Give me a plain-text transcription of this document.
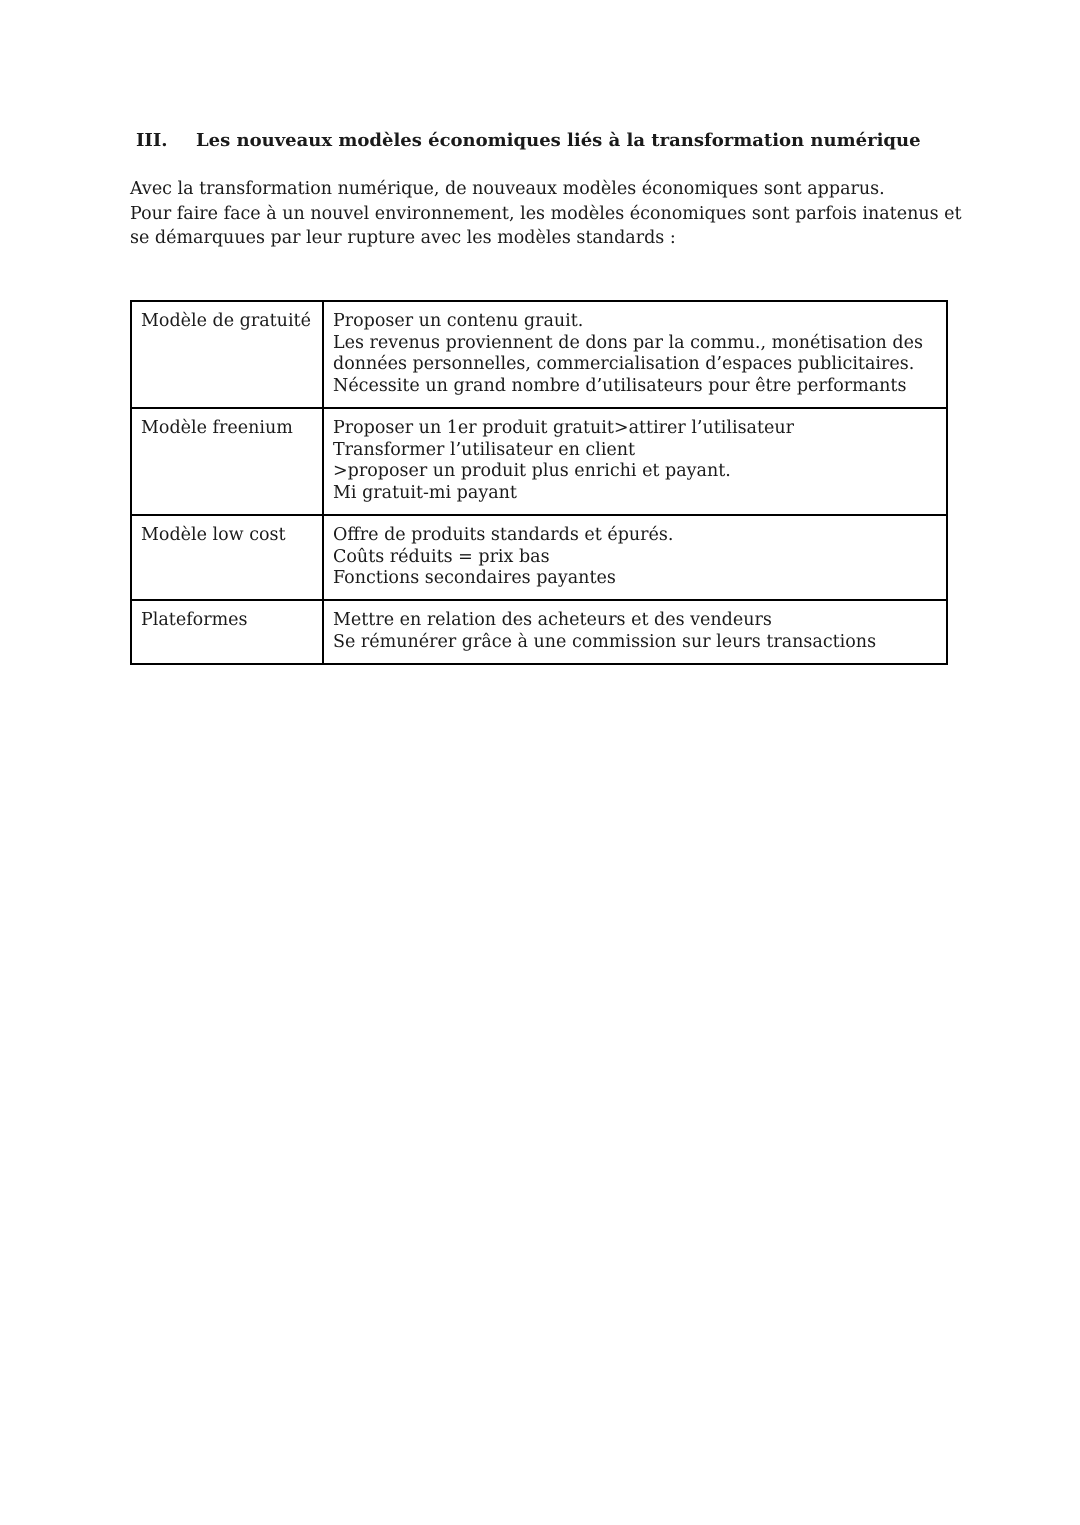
III. Les nouveaux modèles économiques liés à la transformation numérique

Avec la transformation numérique, de nouveaux modèles économiques sont apparus.

Pour faire face à un nouvel environnement, les modèles économiques sont parfois inatenus et

se démarquues par leur rupture avec les modèles standards :

Modèle de gratuité	Proposer un contenu grauit.
Les revenus proviennent de dons par la commu., monétisation des
données personnelles, commercialisation d’espaces publicitaires.
Nécessite un grand nombre d’utilisateurs pour être performants

Modèle freenium	Proposer un 1er produit gratuit>attirer l’utilisateur
Transformer l’utilisateur en client
>proposer un produit plus enrichi et payant.
Mi gratuit-mi payant

Modèle low cost	Offre de produits standards et épurés.
Coûts réduits = prix bas
Fonctions secondaires payantes

Plateformes	Mettre en relation des acheteurs et des vendeurs
Se rémunérer grâce à une commission sur leurs transactions
